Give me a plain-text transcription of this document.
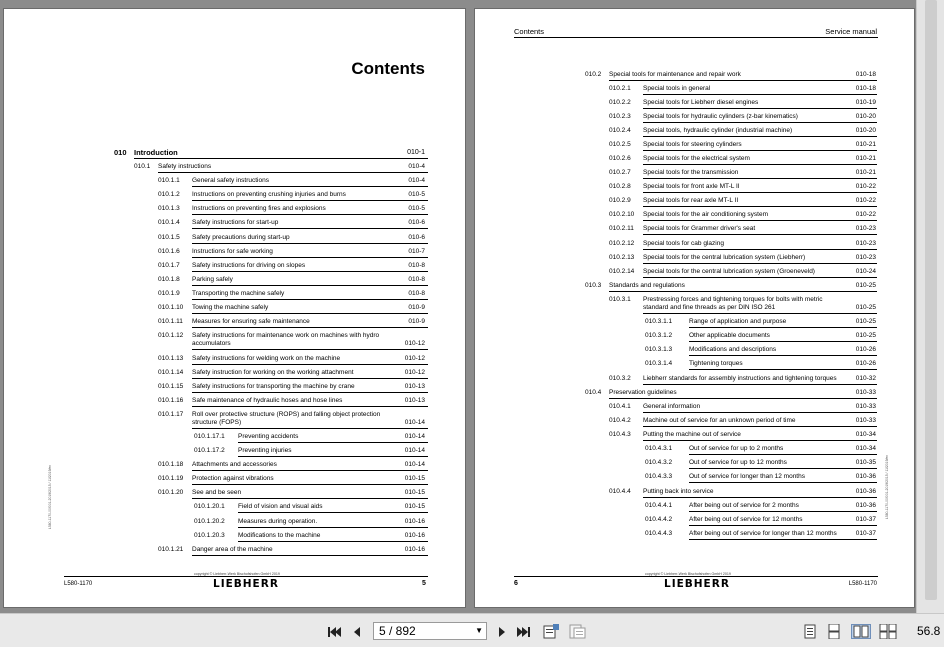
Contents
010 Introduction	010-1
010.1 Safety instructions	010-4
010.1.1 General safety instructions	010-4
010.1.2 Instructions on preventing crushing injuries and burns	010-5
010.1.3 Instructions on preventing fires and explosions	010-5
010.1.4 Safety instructions for start-up	010-6
010.1.5 Safety precautions during start-up	010-6
010.1.6 Instructions for safe working	010-7
010.1.7 Safety instructions for driving on slopes	010-8
010.1.8 Parking safely	010-8
010.1.9 Transporting the machine safely	010-8
010.1.10 Towing the machine safely	010-9
010.1.11 Measures for ensuring safe maintenance	010-9
010.1.12 Safety instructions for maintenance work on machines with hydro
accumulators	010-12
010.1.13 Safety instructions for welding work on the machine	010-12
010.1.14 Safety instruction for working on the working attachment	010-12
010.1.15 Safety instructions for transporting the machine by crane	010-13
010.1.16 Safe maintenance of hydraulic hoses and hose lines	010-13
010.1.17 Roll over protective structure (ROPS) and falling object protection
structure (FOPS)	010-14
010.1.17.1 Preventing accidents	010-14
010.1.17.2 Preventing injuries	010-14
010.1.18 Attachments and accessories	010-14
010.1.19 Protection against vibrations	010-15
010.1.20 See and be seen	010-15
010.1.20.1 Field of vision and visual aids	010-15
010.1.20.2 Measures during operation.	010-16
010.1.20.3 Modifications to the machine	010-16
010.1.21 Danger area of the machine	010-16
copyright © Liebherr-Werk Bischofshofen GmbH 2019
LIEBHERR
L580-1170	5
L580-1170-00/001-2019/2015 / 11/2019/en
Contents	Service manual
010.2 Special tools for maintenance and repair work	010-18
010.2.1 Special tools in general	010-18
010.2.2 Special tools for Liebherr diesel engines	010-19
010.2.3 Special tools for hydraulic cylinders (z-bar kinematics)	010-20
010.2.4 Special tools, hydraulic cylinder (industrial machine)	010-20
010.2.5 Special tools for steering cylinders	010-21
010.2.6 Special tools for the electrical system	010-21
010.2.7 Special tools for the transmission	010-21
010.2.8 Special tools for front axle MT-L II	010-22
010.2.9 Special tools for rear axle MT-L II	010-22
010.2.10 Special tools for the air conditioning system	010-22
010.2.11 Special tools for Grammer driver's seat	010-23
010.2.12 Special tools for cab glazing	010-23
010.2.13 Special tools for the central lubrication system (Liebherr)	010-23
010.2.14 Special tools for the central lubrication system (Groeneveld)	010-24
010.3 Standards and regulations	010-25
010.3.1 Prestressing forces and tightening torques for bolts with metric
standard and fine threads as per DIN ISO 261	010-25
010.3.1.1	Range of application and purpose	010-25
010.3.1.2	Other applicable documents	010-25
010.3.1.3	Modifications and descriptions	010-26
010.3.1.4	Tightening torques	010-26
010.3.2 Liebherr standards for assembly instructions and tightening torques	010-32
010.4 Preservation guidelines	010-33
010.4.1 General information	010-33
010.4.2 Machine out of service for an unknown period of time	010-33
010.4.3 Putting the machine out of service	010-34
010.4.3.1	Out of service for up to 2 months	010-34
010.4.3.2	Out of service for up to 12 months	010-35
010.4.3.3	Out of service for longer than 12 months	010-36
010.4.4 Putting back into service	010-36
010.4.4.1	After being out of service for 2 months	010-36
010.4.4.2	After being out of service for 12 months	010-37
010.4.4.3	After being out of service for longer than 12 months	010-37
copyright © Liebherr-Werk Bischofshofen GmbH 2019
LIEBHERR
6	L580-1170
L580-1170-00/001-2019/2015 / 11/2019/en
5 / 892	▼	56.8
